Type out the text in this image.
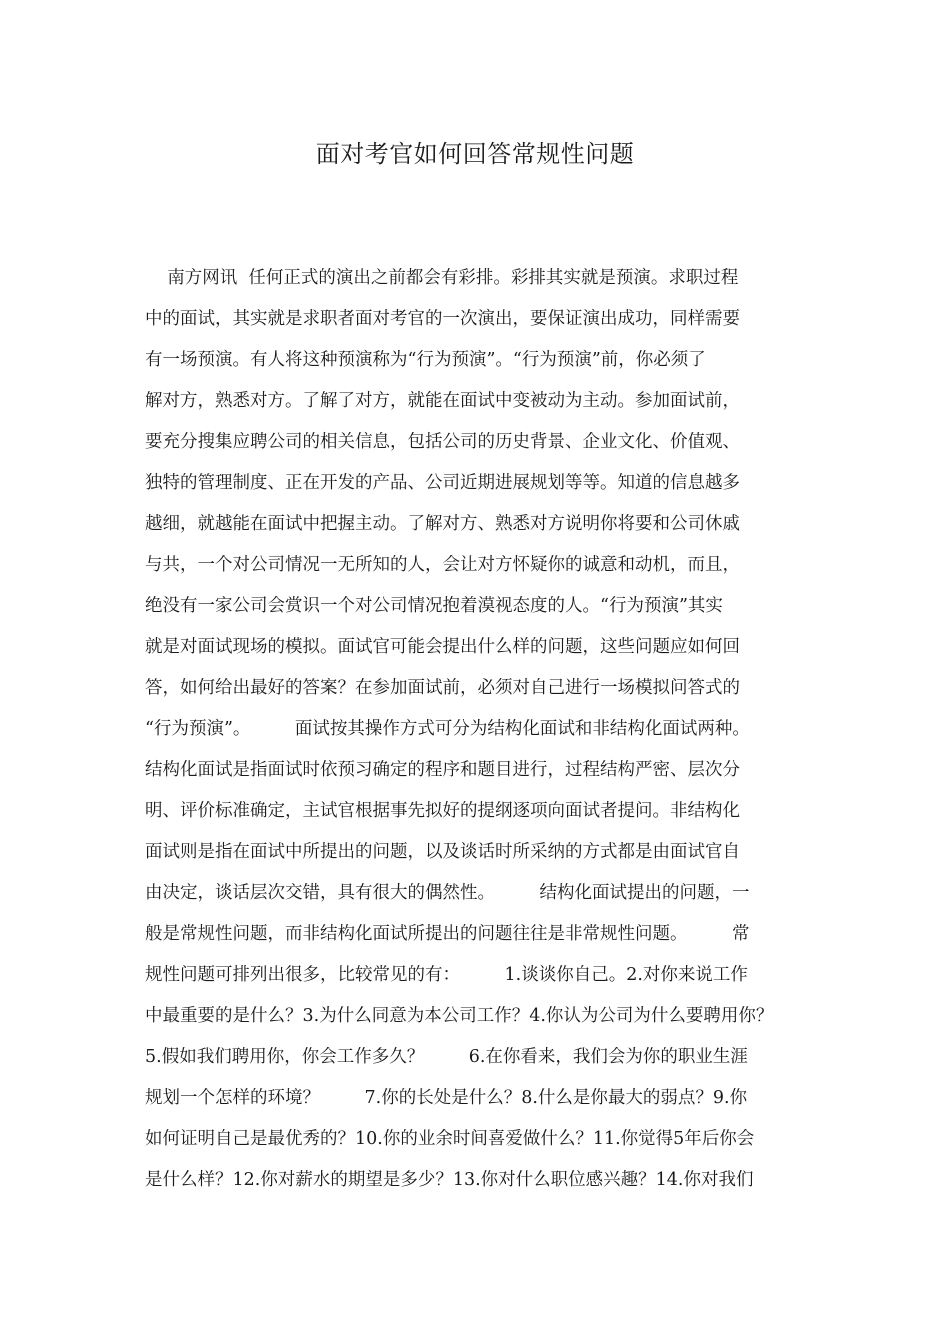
面对考官如何回答常规性问题
南方网讯  任何正式的演出之前都会有彩排。彩排其实就是预演。求职过程
中的面试，其实就是求职者面对考官的一次演出，要保证演出成功，同样需要
有一场预演。有人将这种预演称为“行为预演”。“行为预演”前，你必须了
解对方，熟悉对方。了解了对方，就能在面试中变被动为主动。参加面试前，
要充分搜集应聘公司的相关信息，包括公司的历史背景、企业文化、价值观、
独特的管理制度、正在开发的产品、公司近期进展规划等等。知道的信息越多
越细，就越能在面试中把握主动。了解对方、熟悉对方说明你将要和公司休戚
与共，一个对公司情况一无所知的人，会让对方怀疑你的诚意和动机，而且，
绝没有一家公司会赏识一个对公司情况抱着漠视态度的人。“行为预演”其实
就是对面试现场的模拟。面试官可能会提出什么样的问题，这些问题应如何回
答，如何给出最好的答案？在参加面试前，必须对自己进行一场模拟问答式的
“行为预演”。        面试按其操作方式可分为结构化面试和非结构化面试两种。
结构化面试是指面试时依预习确定的程序和题目进行，过程结构严密、层次分
明、评价标准确定，主试官根据事先拟好的提纲逐项向面试者提问。非结构化
面试则是指在面试中所提出的问题，以及谈话时所采纳的方式都是由面试官自
由决定，谈话层次交错，具有很大的偶然性。        结构化面试提出的问题，一
般是常规性问题，而非结构化面试所提出的问题往往是非常规性问题。        常
规性问题可排列出很多，比较常见的有：        1.谈谈你自己。2.对你来说工作
中最重要的是什么？3.为什么同意为本公司工作？4.你认为公司为什么要聘用你？
5.假如我们聘用你，你会工作多久？        6.在你看来，我们会为你的职业生涯
规划一个怎样的环境？        7.你的长处是什么？8.什么是你最大的弱点？9.你
如何证明自己是最优秀的？10.你的业余时间喜爱做什么？11.你觉得5年后你会
是什么样？12.你对薪水的期望是多少？13.你对什么职位感兴趣？14.你对我们
